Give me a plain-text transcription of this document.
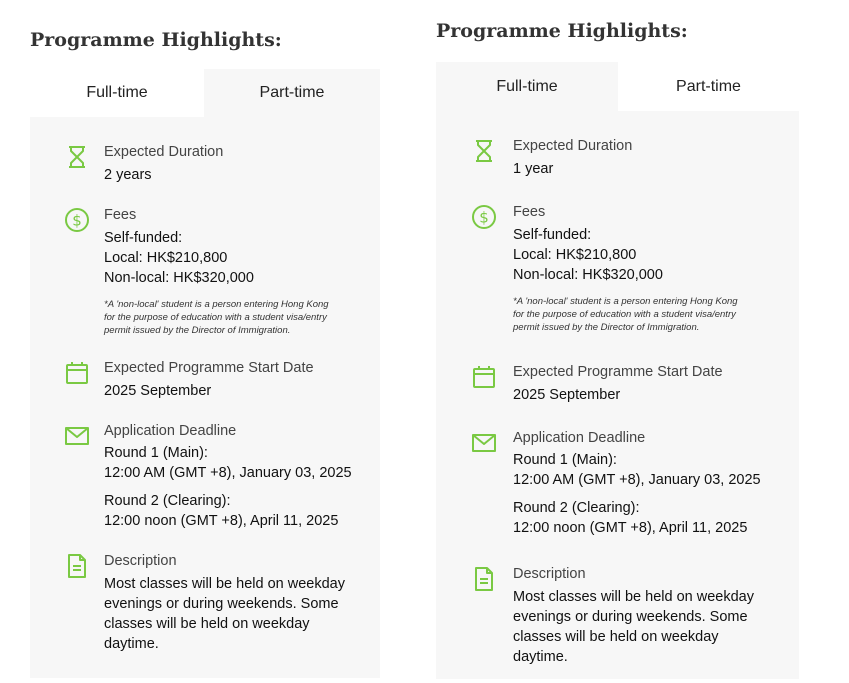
Programme Highlights:
Full-time	Part-time
Expected Duration
2 years
$ Fees
Self-funded:
Local: HK$210,800
Non-local: HK$320,000
*A 'non-local' student is a person entering Hong Kong
for the purpose of education with a student visa/entry
permit issued by the Director of Immigration.
Expected Programme Start Date
2025 September
Application Deadline
Round 1 (Main):
12:00 AM (GMT +8), January 03, 2025
Round 2 (Clearing):
12:00 noon (GMT +8), April 11, 2025
Description
Most classes will be held on weekday
evenings or during weekends. Some
classes will be held on weekday
daytime.
Programme Highlights:
Full-time	Part-time
Expected Duration
1 year
$ Fees
Self-funded:
Local: HK$210,800
Non-local: HK$320,000
*A 'non-local' student is a person entering Hong Kong
for the purpose of education with a student visa/entry
permit issued by the Director of Immigration.
Expected Programme Start Date
2025 September
Application Deadline
Round 1 (Main):
12:00 AM (GMT +8), January 03, 2025
Round 2 (Clearing):
12:00 noon (GMT +8), April 11, 2025
Description
Most classes will be held on weekday
evenings or during weekends. Some
classes will be held on weekday
daytime.
